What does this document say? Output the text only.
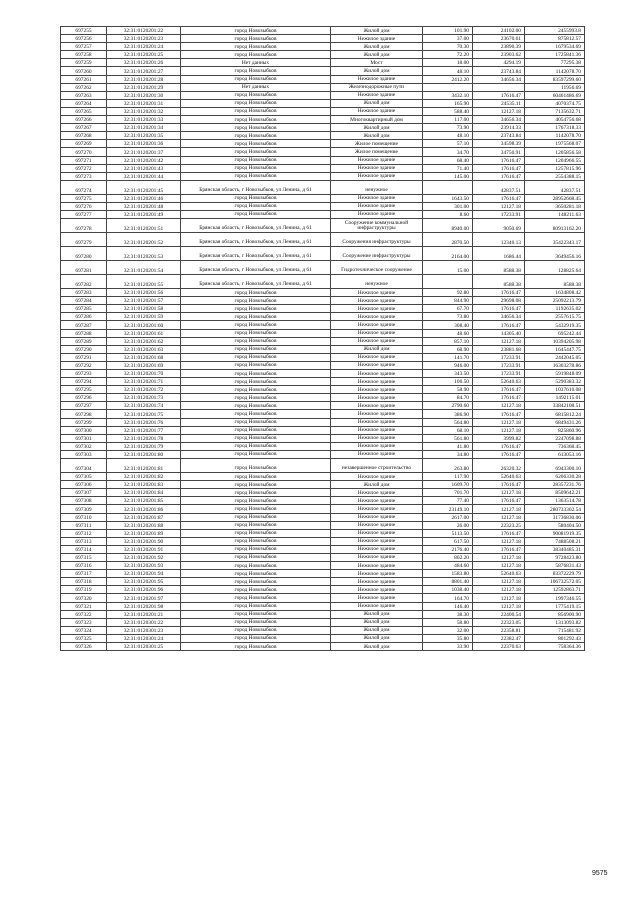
697255	32:31:0120201:22	город Новозыбков	Жилой дом	101.90	24102.00	2455993.8
697256	32:31:0120201:23	город Новозыбков	Нежилое здание	37.00	23670.61	875812.57
697257	32:31:0120201:24	город Новозыбков	Жилой дом	70.30	23890.39	1679534.69
697258	32:31:0120201:25	город Новозыбков	Жилой дом	72.20	23903.62	1725841.36
697259	32:31:0120201:26	Нет данных	Мост	18.00	4294.19	77295.38
697260	32:31:0120201:27	город Новозыбков	Жилой дом	48.10	23743.84	1142078.70
697261	32:31:0120201:28	город Новозыбков	Нежилое здание	2412.20	34656.34	83597299.60
697262	32:31:0120201:29	Нет данных	Железнодорожные пути			11956.69
697263	32:31:0120201:30	город Новозыбков	Нежилое здание	3432.10	17616.47	60461486.69
697264	32:31:0120201:31	город Новозыбков	Жилой дом	165.90	24535.11	4070374.75
697265	32:31:0120201:32	город Новозыбков	Нежилое здание	588.40	12127.18	7135632.71
697266	32:31:0120201:33	город Новозыбков	Многоквартирный дом	117.00	34656.34	4054756.68
697267	32:31:0120201:34	город Новозыбков	Жилой дом	73.90	23914.33	1767318.33
697268	32:31:0120201:35	город Новозыбков	Жилой дом	48.10	23743.84	1142078.70
697269	32:31:0120201:36	город Новозыбков	Жилое помещение	57.10	34598.39	1975568.07
697270	32:31:0120201:37	город Новозыбков	Жилое помещение	34.70	34750.91	1205856.58
697271	32:31:0120201:42	город Новозыбков	Нежилое здание	68.40	17616.47	1204966.55
697272	32:31:0120201:43	город Новозыбков	Нежилое здание	71.40	17616.47	1257815.96
697273	32:31:0120201:44	город Новозыбков	Нежилое здание	145.00	17616.47	2554388.15
697274	32:31:0120201:45	Брянская область, г Новозыбков, ул Ленина, д 61	ненужное		42837.51	42837.51
697275	32:31:0120201:46	город Новозыбков	Нежилое здание	1643.50	17616.47	28952668.45
697276	32:31:0120201:48	город Новозыбков	Нежилое здание	301.00	12127.18	3650281.18
697277	32:31:0120201:49	город Новозыбков	Нежилое здание	8.60	17233.91	148211.63
697278	32:31:0120201:51	Брянская область, г Новозыбков, ул Ленина, д 61	Сооружение коммунальной инфраструктуры	8940.00	9050.69	80913162.20
697279	32:31:0120201:52	Брянская область, г Новозыбков, ул Ленина, д 61	Сооружения инфраструктуры	2870.50	12340.13	35422343.17
697280	32:31:0120201:53	Брянская область, г Новозыбков, ул Ленина, д 61	Сооружение инфраструктуры	2164.00	1686.44	3649456.16
697281	32:31:0120201:54	Брянская область, г Новозыбков, ул Ленина, д 61	Гидротехническое сооружение	15.00	8588.38	128825.64
697282	32:31:0120201:55	Брянская область, г Новозыбков, ул Ленина, д 61	ненужное		8588.38	8588.38
697283	32:31:0120201:56	город Новозыбков	Нежилое здание	92.80	17616.47	1634808.42
697284	32:31:0120201:57	город Новозыбков	Нежилое здание	844.90	29698.08	25092213.79
697285	32:31:0120201:58	город Новозыбков	Нежилое здание	67.70	17616.47	1192635.02
697286	32:31:0120201:59	город Новозыбков	Нежилое здание	73.80	34656.34	2557615.75
697287	32:31:0120201:60	город Новозыбков	Нежилое здание	308.40	17616.47	5432919.35
697288	32:31:0120201:61	город Новозыбков	Нежилое здание	48.60	14305.40	695242.44
697289	32:31:0120201:62	город Новозыбков	Нежилое здание	857.10	12127.18	10394205.98
697290	32:31:0120201:63	город Новозыбков	Жилой дом	68.90	23881.68	1645447.75
697291	32:31:0120201:68	город Новозыбков	Нежилое здание	141.70	17233.91	2442045.05
697292	32:31:0120201:69	город Новозыбков	Нежилое здание	946.00	17233.91	16303278.86
697293	32:31:0120201:70	город Новозыбков	Нежилое здание	343.50	17233.91	5919848.09
697294	32:31:0120201:71	город Новозыбков	Нежилое здание	100.50	52640.63	5290383.32
697295	32:31:0120201:72	город Новозыбков	Нежилое здание	58.90	17616.47	1037610.08
697296	32:31:0120201:73	город Новозыбков	Нежилое здание	84.70	17616.47	1492115.01
697297	32:31:0120201:74	город Новозыбков	Нежилое здание	2790.60	12127.18	33842108.51
697298	32:31:0120201:75	город Новозыбков	Нежилое здание	386.90	17616.47	6815812.24
697299	32:31:0120201:76	город Новозыбков	Нежилое здание	564.80	12127.18	6849431.26
697300	32:31:0120201:77	город Новозыбков	Нежилое здание	68.10	12127.18	825860.96
697301	32:31:0120201:78	город Новозыбков	Нежилое здание	561.80	3999.82	2247098.88
697302	32:31:0120201:79	город Новозыбков	Нежилое здание	41.80	17616.47	736368.45
697303	32:31:0120201:80	город Новозыбков	Нежилое здание	34.80	17616.47	613053.16
697304	32:31:0120201:81	город Новозыбков	незавершенное строительство	263.80	26320.32	6943300.10
697305	32:31:0120201:82	город Новозыбков	Нежилое здание	117.90	52640.63	6206330.28
697306	32:31:0120201:83	город Новозыбков	Жилой дом	1609.70	17616.47	28357231.76
697307	32:31:0120201:84	город Новозыбков	Нежилое здание	701.70	12127.18	8509642.21
697308	32:31:0120201:85	город Новозыбков	Нежилое здание	77.40	17616.47	1363514.78
697309	32:31:0120201:86	город Новозыбков	Нежилое здание	23149.10	12127.18	280733302.54
697310	32:31:0120201:87	город Новозыбков	Нежилое здание	2617.00	12127.18	31736830.06
697311	32:31:0120201:88	город Новозыбков	Нежилое здание	26.00	22323.25	580404.50
697312	32:31:0120201:89	город Новозыбков	Нежилое здание	5113.50	17616.47	90081919.35
697313	32:31:0120201:90	город Новозыбков	Нежилое здание	617.50	12127.18	7488508.21
697314	32:31:0120201:91	город Новозыбков	Нежилое здание	2176.40	17616.47	38340485.31
697315	32:31:0120201:92	город Новозыбков	Нежилое здание	802.20	12127.18	9728423.80
697316	32:31:0120201:93	город Новозыбков	Нежилое здание	484.60	12127.18	5876831.43
697317	32:31:0120201:94	город Новозыбков	Нежилое здание	1583.80	52640.63	83372229.79
697318	32:31:0120201:95	город Новозыбков	Нежилое здание	8801.40	12127.18	106732572.05
697319	32:31:0120201:96	город Новозыбков	Нежилое здание	1038.40	12127.18	12592863.71
697320	32:31:0120201:97	город Новозыбков	Нежилое здание	164.70	12127.18	1997346.55
697321	32:31:0120201:98	город Новозыбков	Нежилое здание	146.40	12127.18	1775419.15
697322	32:31:0120201:21	город Новозыбков	Жилой дом	38.30	22400.54	856900.90
697323	32:31:0120301:22	город Новозыбков	Жилой дом	58.80	22323.05	1313093.82
697324	32:31:0120301:23	город Новозыбков	Жилой дом	32.00	22358.81	715481.92
697325	32:31:0120301:24	город Новозыбков	Жилой дом	35.80	22382.47	801292.43
697326	32:31:0120301:25	город Новозыбков	Жилой дом	33.90	22370.63	758364.36
9575
